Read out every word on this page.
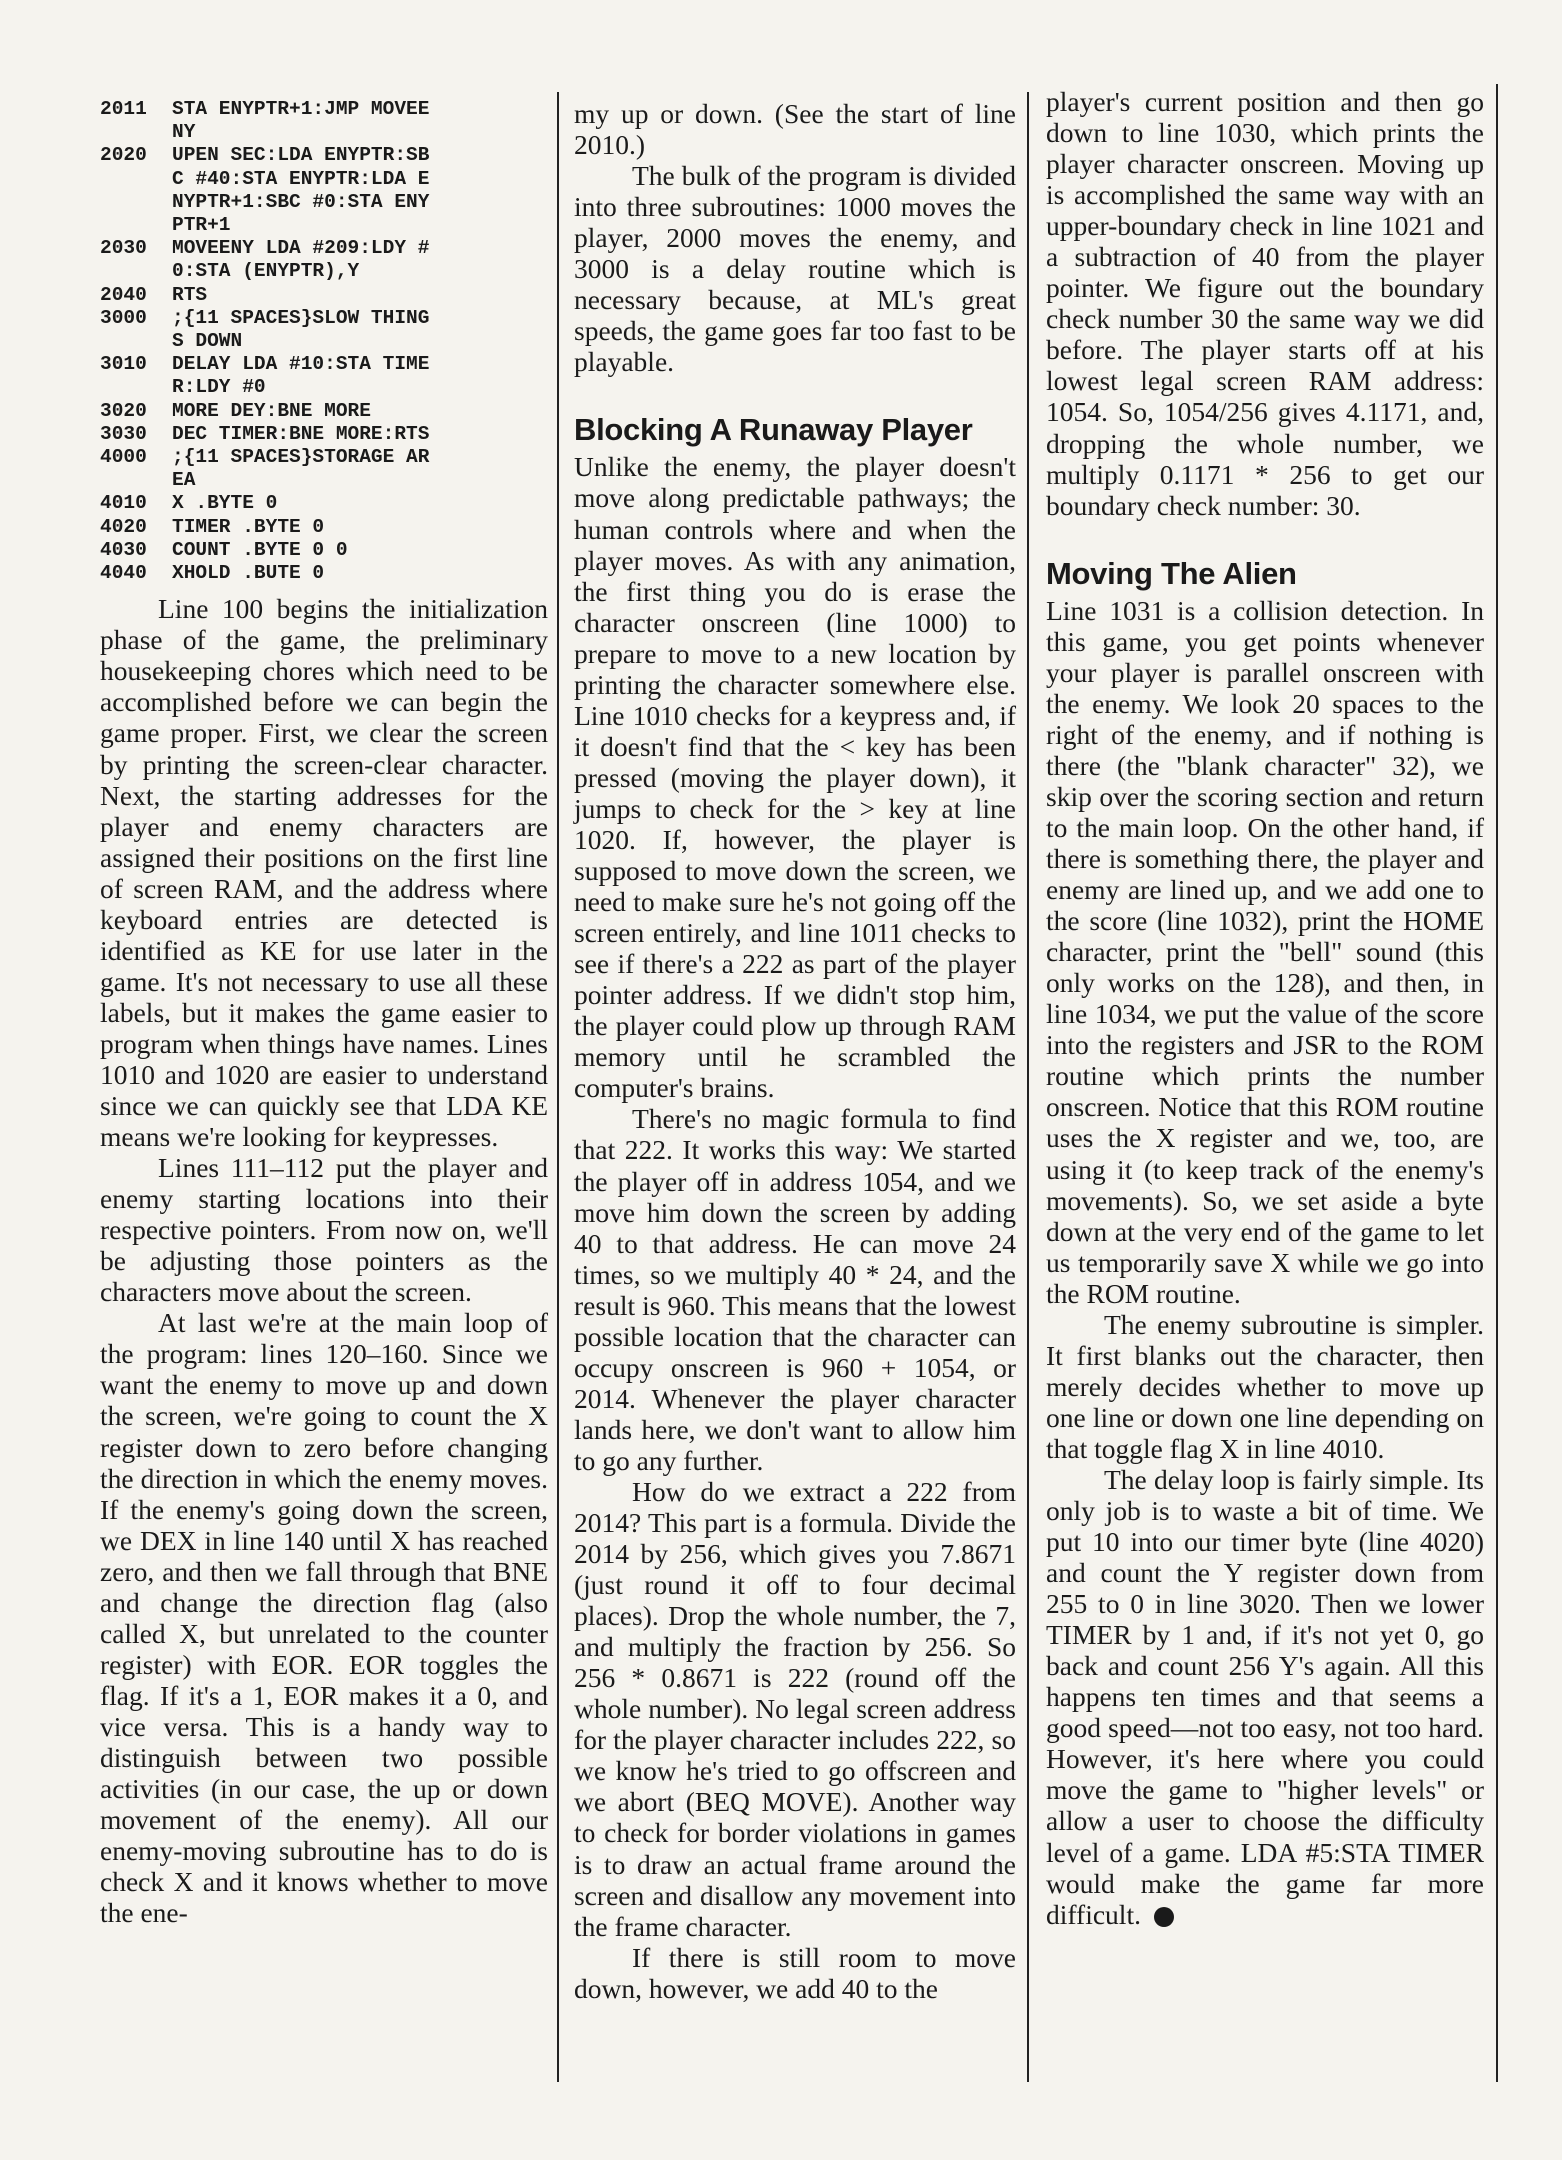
2011	STA ENYPTR+1:JMP MOVEE
NY
2020	UPEN SEC:LDA ENYPTR:SB
C #40:STA ENYPTR:LDA E
NYPTR+1:SBC #0:STA ENY
PTR+1
2030	MOVEENY LDA #209:LDY #
0:STA (ENYPTR),Y
2040	RTS
3000	;{11 SPACES}SLOW THING
S DOWN
3010	DELAY LDA #10:STA TIME
R:LDY #0
3020	MORE DEY:BNE MORE
3030	DEC TIMER:BNE MORE:RTS
4000	;{11 SPACES}STORAGE AR
EA
4010	X .BYTE 0
4020	TIMER .BYTE 0
4030	COUNT .BYTE 0 0
4040	XHOLD .BUTE 0

Line 100 begins the initialization phase of the game, the preliminary housekeeping chores which need to be accomplished before we can begin the game proper. First, we clear the screen by printing the screen-clear character. Next, the starting addresses for the player and enemy characters are assigned their positions on the first line of screen RAM, and the address where keyboard entries are detected is identified as KE for use later in the game. It's not necessary to use all these labels, but it makes the game easier to program when things have names. Lines 1010 and 1020 are easier to understand since we can quickly see that LDA KE means we're looking for keypresses.

Lines 111–112 put the player and enemy starting locations into their respective pointers. From now on, we'll be adjusting those pointers as the characters move about the screen.

At last we're at the main loop of the program: lines 120–160. Since we want the enemy to move up and down the screen, we're going to count the X register down to zero before changing the direction in which the enemy moves. If the enemy's going down the screen, we DEX in line 140 until X has reached zero, and then we fall through that BNE and change the direction flag (also called X, but unrelated to the counter register) with EOR. EOR toggles the flag. If it's a 1, EOR makes it a 0, and vice versa. This is a handy way to distinguish between two possible activities (in our case, the up or down movement of the enemy). All our enemy-moving subroutine has to do is check X and it knows whether to move the ene-

my up or down. (See the start of line 2010.)

The bulk of the program is divided into three subroutines: 1000 moves the player, 2000 moves the enemy, and 3000 is a delay routine which is necessary because, at ML's great speeds, the game goes far too fast to be playable.

Blocking A Runaway Player

Unlike the enemy, the player doesn't move along predictable pathways; the human controls where and when the player moves. As with any animation, the first thing you do is erase the character onscreen (line 1000) to prepare to move to a new location by printing the character somewhere else. Line 1010 checks for a keypress and, if it doesn't find that the < key has been pressed (moving the player down), it jumps to check for the > key at line 1020. If, however, the player is supposed to move down the screen, we need to make sure he's not going off the screen entirely, and line 1011 checks to see if there's a 222 as part of the player pointer address. If we didn't stop him, the player could plow up through RAM memory until he scrambled the computer's brains.

There's no magic formula to find that 222. It works this way: We started the player off in address 1054, and we move him down the screen by adding 40 to that address. He can move 24 times, so we multiply 40 * 24, and the result is 960. This means that the lowest possible location that the character can occupy onscreen is 960 + 1054, or 2014. Whenever the player character lands here, we don't want to allow him to go any further.

How do we extract a 222 from 2014? This part is a formula. Divide the 2014 by 256, which gives you 7.8671 (just round it off to four decimal places). Drop the whole number, the 7, and multiply the fraction by 256. So 256 * 0.8671 is 222 (round off the whole number). No legal screen address for the player character includes 222, so we know he's tried to go offscreen and we abort (BEQ MOVE). Another way to check for border violations in games is to draw an actual frame around the screen and disallow any movement into the frame character.

If there is still room to move down, however, we add 40 to the

player's current position and then go down to line 1030, which prints the player character onscreen. Moving up is accomplished the same way with an upper-boundary check in line 1021 and a subtraction of 40 from the player pointer. We figure out the boundary check number 30 the same way we did before. The player starts off at his lowest legal screen RAM address: 1054. So, 1054/256 gives 4.1171, and, dropping the whole number, we multiply 0.1171 * 256 to get our boundary check number: 30.

Moving The Alien

Line 1031 is a collision detection. In this game, you get points whenever your player is parallel onscreen with the enemy. We look 20 spaces to the right of the enemy, and if nothing is there (the "blank character" 32), we skip over the scoring section and return to the main loop. On the other hand, if there is something there, the player and enemy are lined up, and we add one to the score (line 1032), print the HOME character, print the "bell" sound (this only works on the 128), and then, in line 1034, we put the value of the score into the registers and JSR to the ROM routine which prints the number onscreen. Notice that this ROM routine uses the X register and we, too, are using it (to keep track of the enemy's movements). So, we set aside a byte down at the very end of the game to let us temporarily save X while we go into the ROM routine.

The enemy subroutine is simpler. It first blanks out the character, then merely decides whether to move up one line or down one line depending on that toggle flag X in line 4010.

The delay loop is fairly simple. Its only job is to waste a bit of time. We put 10 into our timer byte (line 4020) and count the Y register down from 255 to 0 in line 3020. Then we lower TIMER by 1 and, if it's not yet 0, go back and count 256 Y's again. All this happens ten times and that seems a good speed—not too easy, not too hard. However, it's here where you could move the game to "higher levels" or allow a user to choose the difficulty level of a game. LDA #5:STA TIMER would make the game far more difficult.
